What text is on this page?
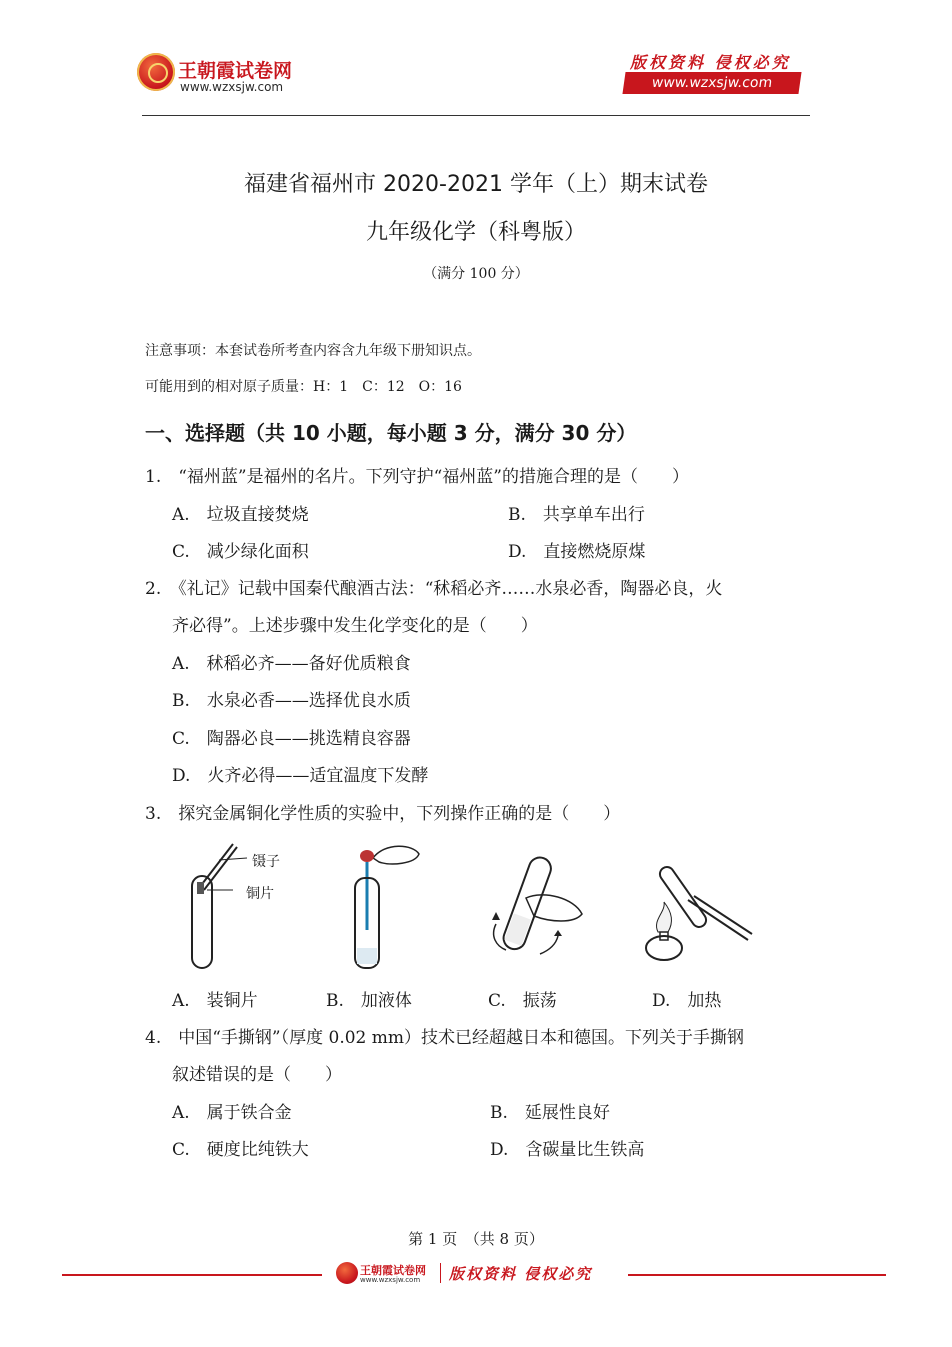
王朝霞试卷网
www.wzxsjw.com
版权资料 侵权必究
www.wzxsjw.com
福建省福州市 2020-2021 学年（上）期末试卷
九年级化学（科粤版）
（满分 100 分）
注意事项：本套试卷所考查内容含九年级下册知识点。
可能用到的相对原子质量：H：1　C：12　O：16
一、选择题（共 10 小题，每小题 3 分，满分 30 分）
1.　“福州蓝”是福州的名片。下列守护“福州蓝”的措施合理的是（　　）
A.　垃圾直接焚烧	B.　共享单车出行
C.　减少绿化面积	D.　直接燃烧原煤
2.　《礼记》记载中国秦代酿酒古法：“秫稻必齐……水泉必香，陶器必良，火
齐必得”。上述步骤中发生化学变化的是（　　）
A.　秫稻必齐——备好优质粮食
B.　水泉必香——选择优良水质
C.　陶器必良——挑选精良容器
D.　火齐必得——适宜温度下发酵
3.　探究金属铜化学性质的实验中，下列操作正确的是（　　）
镊子
铜片
A.　装铜片	B.　加液体	C.　振荡	D.　加热
4.　中国“手撕钢”（厚度 0.02 mm）技术已经超越日本和德国。下列关于手撕钢
叙述错误的是（　　）
A.　属于铁合金	B.　延展性良好
C.　硬度比纯铁大	D.　含碳量比生铁高
第 1 页　（共 8 页）
王朝霞试卷网
www.wzxsjw.com 版权资料 侵权必究
